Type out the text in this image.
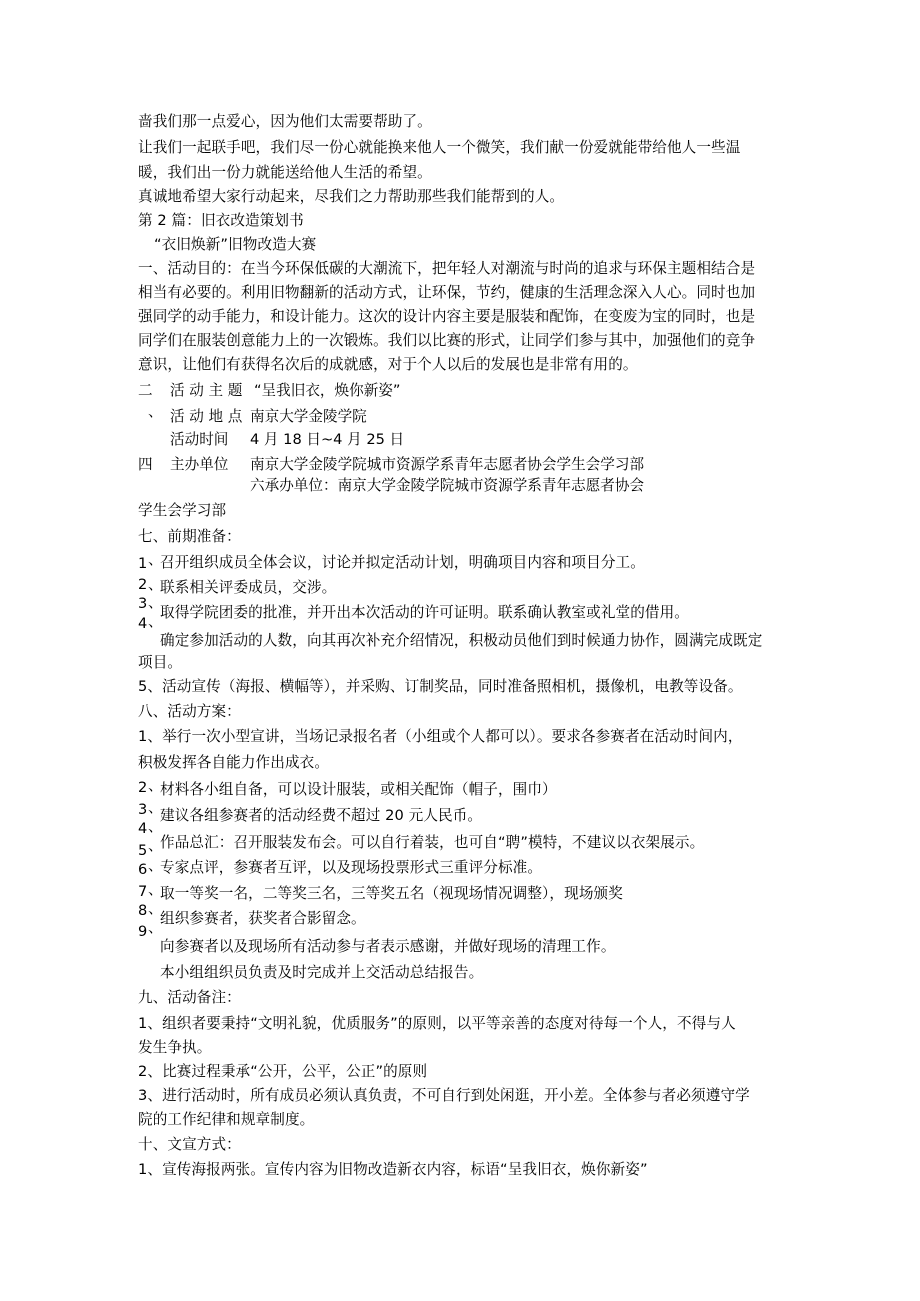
啬我们那一点爱心，因为他们太需要帮助了。
让我们一起联手吧，我们尽一份心就能换来他人一个微笑，我们献一份爱就能带给他人一些温
暖，我们出一份力就能送给他人生活的希望。
真诚地希望大家行动起来，尽我们之力帮助那些我们能帮到的人。
第 2 篇：旧衣改造策划书
“衣旧焕新”旧物改造大赛
一、活动目的：在当今环保低碳的大潮流下，把年轻人对潮流与时尚的追求与环保主题相结合是
相当有必要的。利用旧物翻新的活动方式，让环保，节约，健康的生活理念深入人心。同时也加
强同学的动手能力，和设计能力。这次的设计内容主要是服装和配饰，在变废为宝的同时，也是
同学们在服装创意能力上的一次锻炼。我们以比赛的形式，让同学们参与其中，加强他们的竞争
意识，让他们有获得名次后的成就感，对于个人以后的发展也是非常有用的。
二 活 动 主 题 “呈我旧衣，焕你新姿”
、 活 动 地 点 南京大学金陵学院
活动时间 4 月 18 日~4 月 25 日
四 主办单位 南京大学金陵学院城市资源学系青年志愿者协会学生会学习部
六承办单位：南京大学金陵学院城市资源学系青年志愿者协会
学生会学习部
七、前期准备：
1 、
召开组织成员全体会议，讨论并拟定活动计划，明确项目内容和项目分工。
2 、
联系相关评委成员，交涉。
3 、
取得学院团委的批准，并开出本次活动的许可证明。联系确认教室或礼堂的借用。
4 、
确定参加活动的人数，向其再次补充介绍情况，积极动员他们到时候通力协作，圆满完成既定
项目。
5、活动宣传（海报、横幅等），并采购、订制奖品，同时准备照相机，摄像机，电教等设备。
八、活动方案：
1、举行一次小型宣讲，当场记录报名者（小组或个人都可以）。要求各参赛者在活动时间内，
积极发挥各自能力作出成衣。
2 、
材料各小组自备，可以设计服装，或相关配饰（帽子，围巾）
3 、
建议各组参赛者的活动经费不超过 20 元人民币。
4 、
作品总汇：召开服装发布会。可以自行着装，也可自“聘”模特，不建议以衣架展示。
5 、
6 、
专家点评，参赛者互评，以及现场投票形式三重评分标准。
7 、
取一等奖一名，二等奖三名，三等奖五名（视现场情况调整），现场颁奖
8 、
组织参赛者，获奖者合影留念。
9 、
向参赛者以及现场所有活动参与者表示感谢，并做好现场的清理工作。
本小组组织员负责及时完成并上交活动总结报告。
九、活动备注：
1、组织者要秉持“文明礼貌，优质服务”的原则，以平等亲善的态度对待每一个人，不得与人
发生争执。
2、比赛过程秉承“公开，公平，公正”的原则
3、进行活动时，所有成员必须认真负责，不可自行到处闲逛，开小差。全体参与者必须遵守学
院的工作纪律和规章制度。
十、文宣方式：
1、宣传海报两张。宣传内容为旧物改造新衣内容，标语“呈我旧衣，焕你新姿”
